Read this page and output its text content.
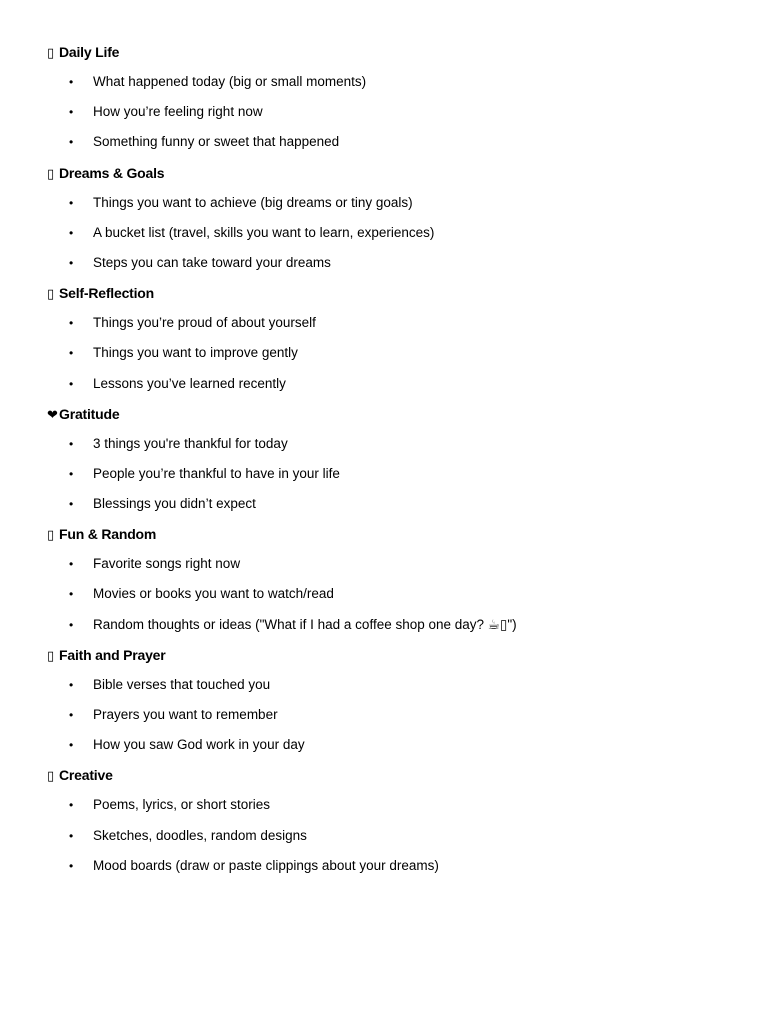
▯ Daily Life
• What happened today (big or small moments)
• How you’re feeling right now
• Something funny or sweet that happened
▯ Dreams & Goals
• Things you want to achieve (big dreams or tiny goals)
• A bucket list (travel, skills you want to learn, experiences)
• Steps you can take toward your dreams
▯ Self-Reflection
• Things you’re proud of about yourself
• Things you want to improve gently
• Lessons you’ve learned recently
❤Gratitude
• 3 things you're thankful for today
• People you’re thankful to have in your life
• Blessings you didn’t expect
▯ Fun & Random
• Favorite songs right now
• Movies or books you want to watch/read
• Random thoughts or ideas ("What if I had a coffee shop one day? ☕▯")
▯ Faith and Prayer
• Bible verses that touched you
• Prayers you want to remember
• How you saw God work in your day
▯ Creative
• Poems, lyrics, or short stories
• Sketches, doodles, random designs
• Mood boards (draw or paste clippings about your dreams)
